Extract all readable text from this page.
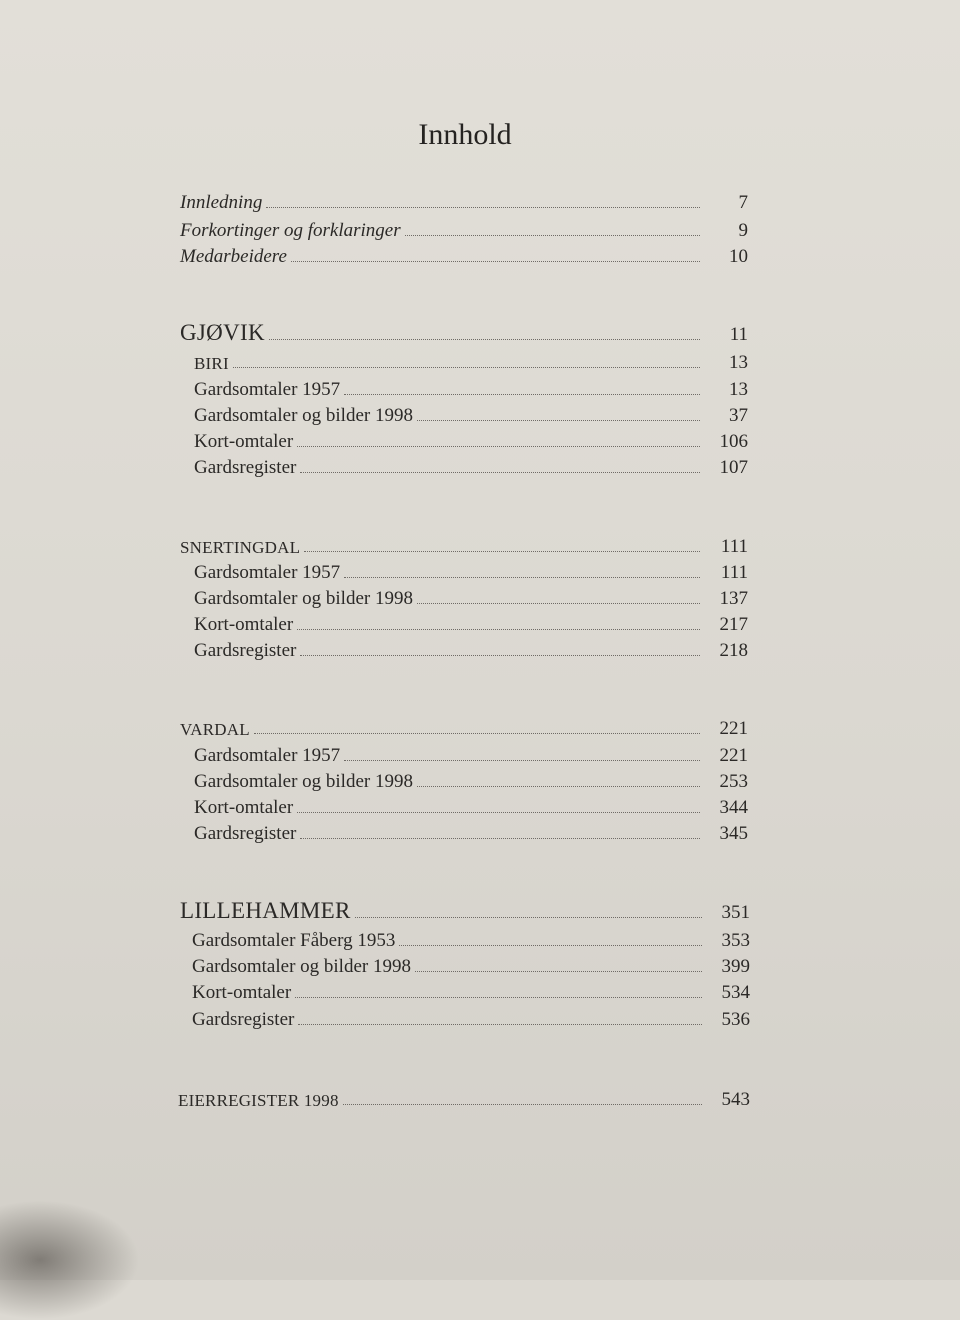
Innhold
Innledning	7
Forkortinger og forklaringer	9
Medarbeidere	10
GJØVIK	11
BIRI	13
Gardsomtaler 1957	13
Gardsomtaler og bilder 1998	37
Kort-omtaler	106
Gardsregister	107
SNERTINGDAL	111
Gardsomtaler 1957	111
Gardsomtaler og bilder 1998	137
Kort-omtaler	217
Gardsregister	218
VARDAL	221
Gardsomtaler 1957	221
Gardsomtaler og bilder 1998	253
Kort-omtaler	344
Gardsregister	345
LILLEHAMMER	351
Gardsomtaler Fåberg 1953	353
Gardsomtaler og bilder 1998	399
Kort-omtaler	534
Gardsregister	536
EIERREGISTER 1998	543
